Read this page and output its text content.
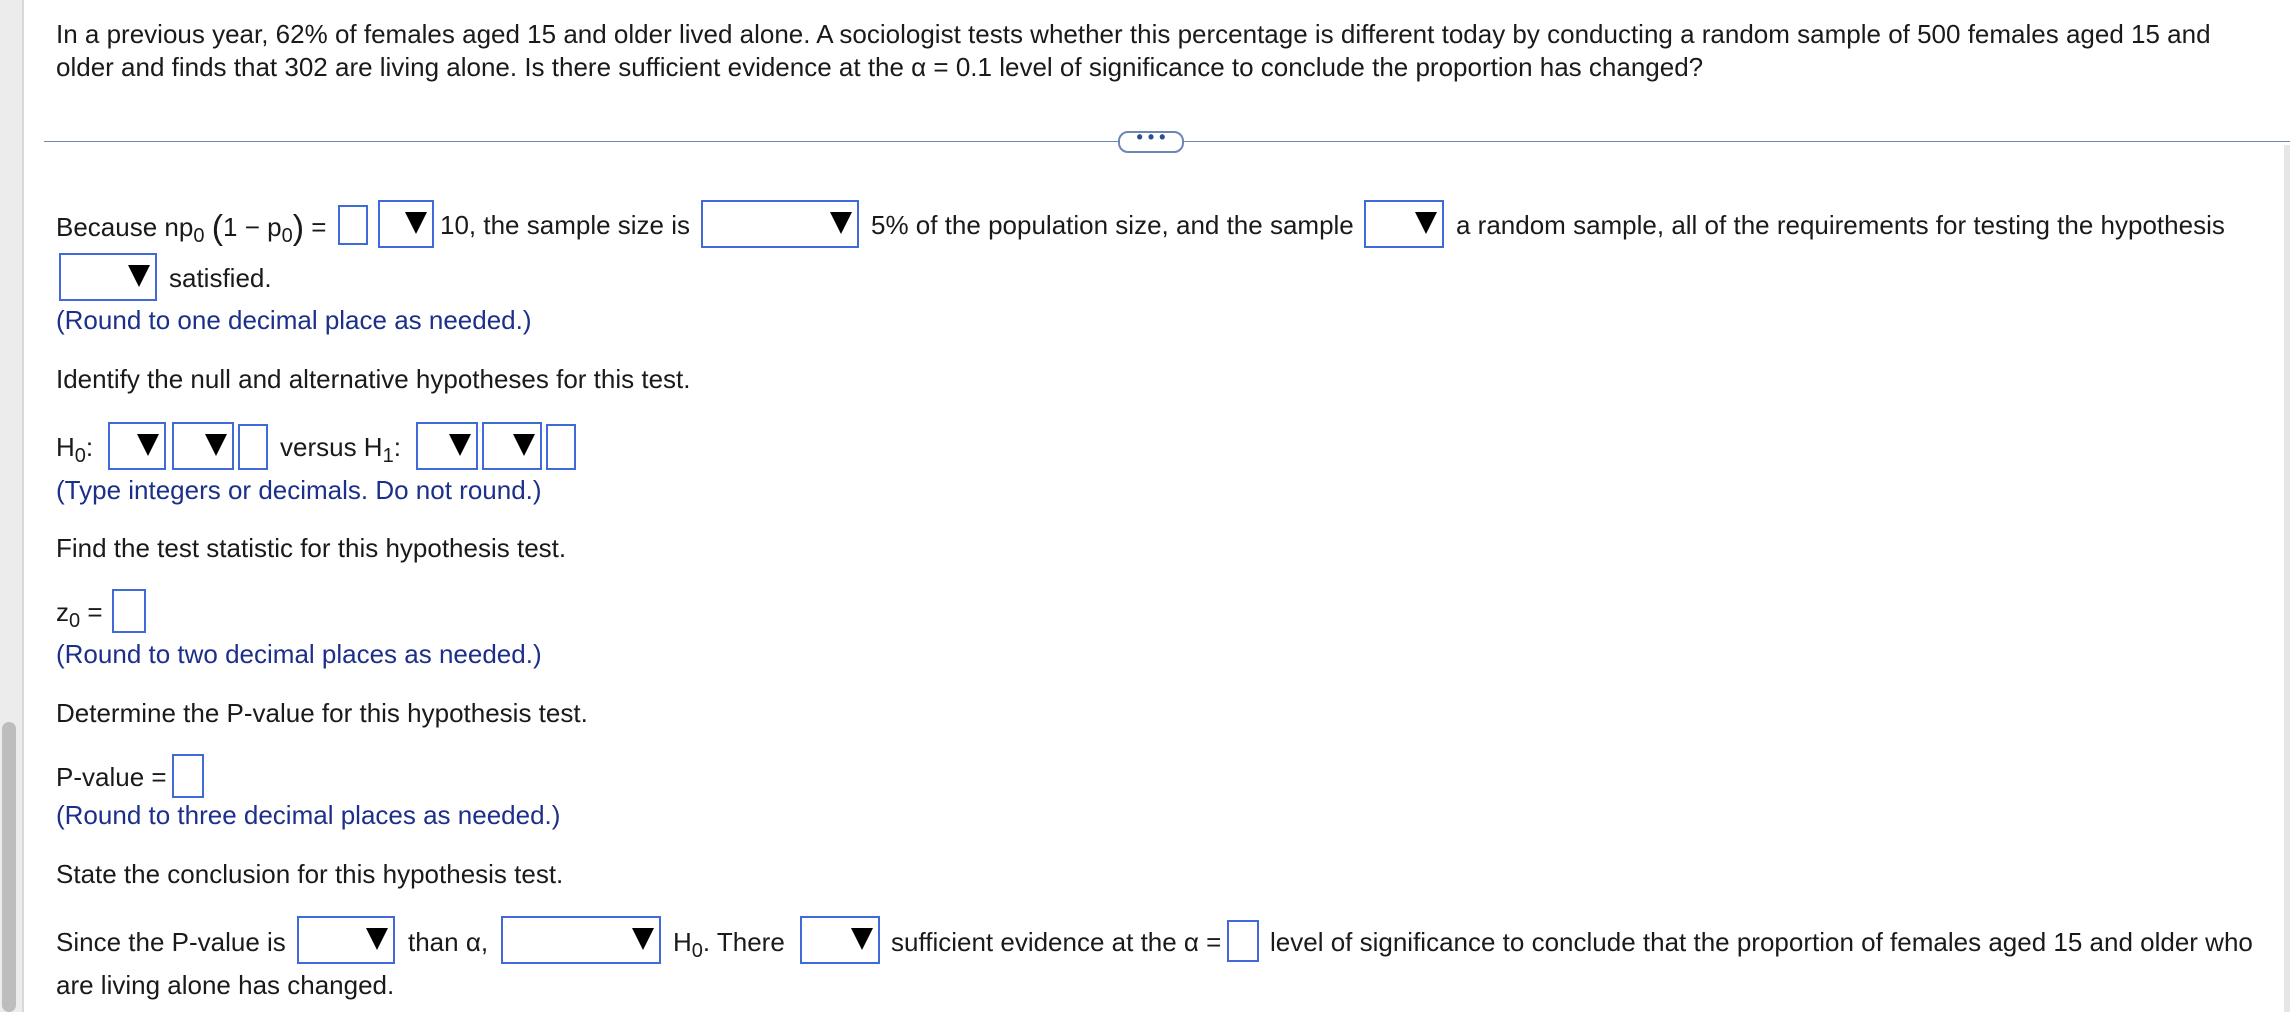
In a previous year, 62% of females aged 15 and older lived alone. A sociologist tests whether this percentage is different today by conducting a random sample of 500 females aged 15 and older and finds that 302 are living alone. Is there sufficient evidence at the α = 0.1 level of significance to conclude the proportion has changed?
• • •
Because $np_0$ $(1 - p_0)$ =	10, the sample size is	5% of the population size, and the sample	a random sample, all of the requirements for testing the hypothesis
satisfied.
(Round to one decimal place as needed.)
Identify the null and alternative hypotheses for this test.
$H_0$:	versus $H_1$:
(Type integers or decimals. Do not round.)
Find the test statistic for this hypothesis test.
$z_0$ =
(Round to two decimal places as needed.)
Determine the P-value for this hypothesis test.
P-value =
(Round to three decimal places as needed.)
State the conclusion for this hypothesis test.
Since the P-value is	than α,	$H_0$. There	sufficient evidence at the α = level of significance to conclude that the proportion of females aged 15 and older who
are living alone has changed.
